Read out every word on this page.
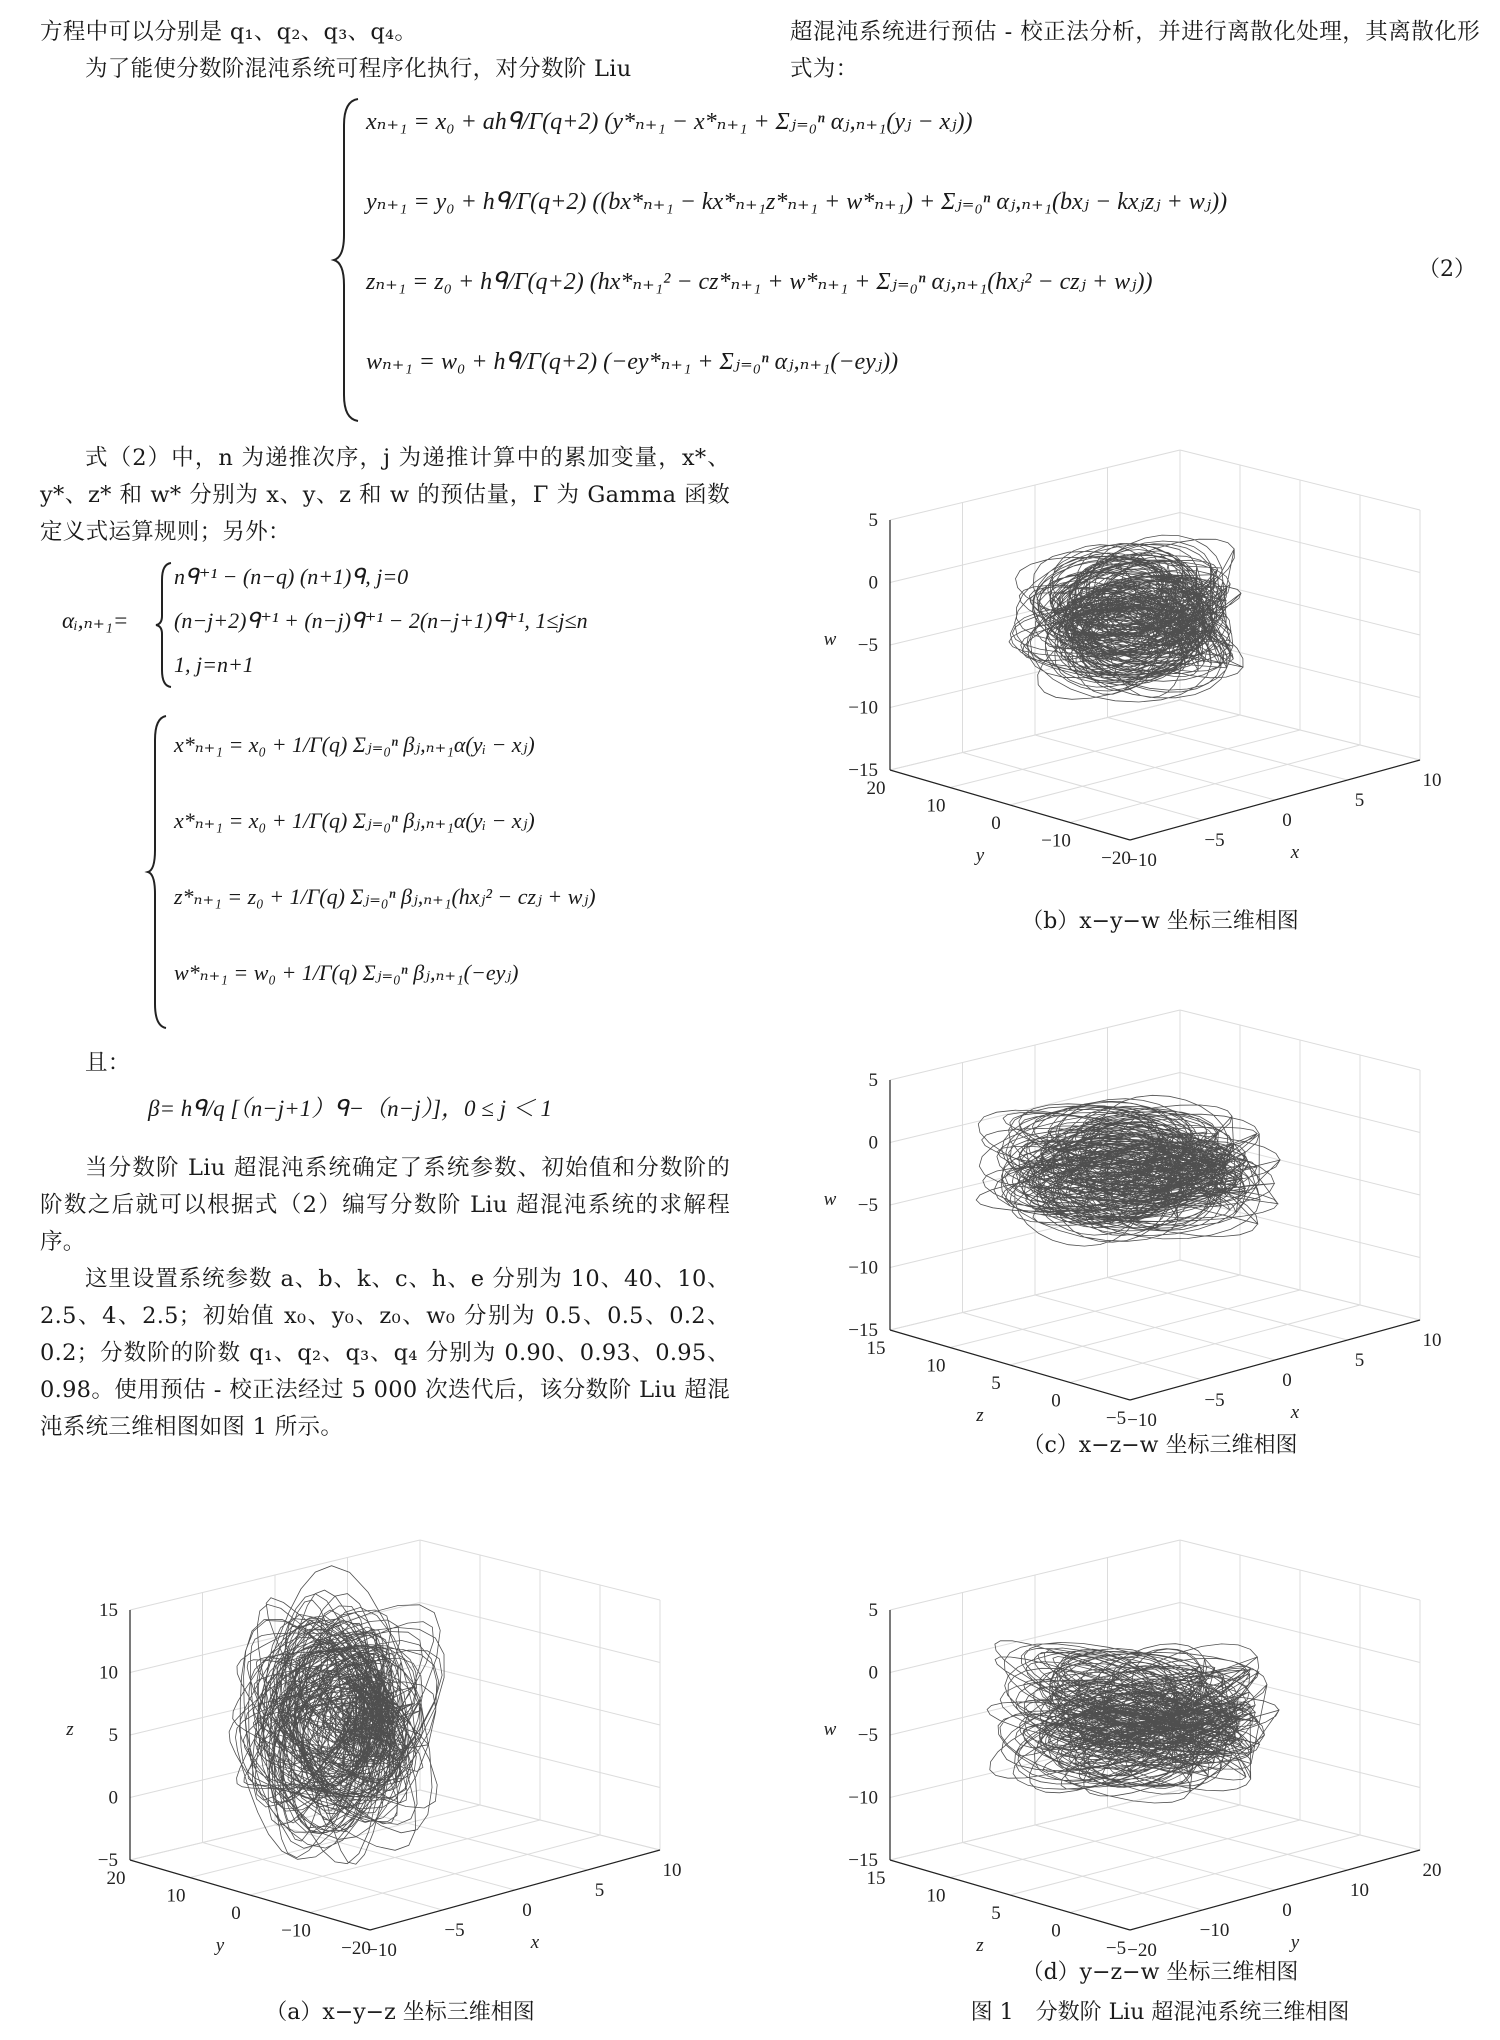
方程中可以分别是 q₁、q₂、q₃、q₄。

为了能使分数阶混沌系统可程序化执行，对分数阶 Liu

超混沌系统进行预估 - 校正法分析，并进行离散化处理，其离散化形式为：

xₙ₊₁ = x₀ + ahᑫ/Γ(q+2) (y*ₙ₊₁ − x*ₙ₊₁ + Σⱼ₌₀ⁿ αⱼ,ₙ₊₁(yⱼ − xⱼ))
yₙ₊₁ = y₀ + hᑫ/Γ(q+2) ((bx*ₙ₊₁ − kx*ₙ₊₁z*ₙ₊₁ + w*ₙ₊₁) + Σⱼ₌₀ⁿ αⱼ,ₙ₊₁(bxⱼ − kxⱼzⱼ + wⱼ))
zₙ₊₁ = z₀ + hᑫ/Γ(q+2) (hx*ₙ₊₁² − cz*ₙ₊₁ + w*ₙ₊₁ + Σⱼ₌₀ⁿ αⱼ,ₙ₊₁(hxⱼ² − czⱼ + wⱼ))
wₙ₊₁ = w₀ + hᑫ/Γ(q+2) (−ey*ₙ₊₁ + Σⱼ₌₀ⁿ αⱼ,ₙ₊₁(−eyⱼ))
（2）

式（2）中，n 为递推次序，j 为递推计算中的累加变量，x*、y*、z* 和 w* 分别为 x、y、z 和 w 的预估量，Γ 为 Gamma 函数定义式运算规则；另外：

αᵢ,ₙ₊₁=
nᑫ⁺¹ − (n−q) (n+1)ᑫ, j=0
(n−j+2)ᑫ⁺¹ + (n−j)ᑫ⁺¹ − 2(n−j+1)ᑫ⁺¹, 1≤j≤n
1, j=n+1
x*ₙ₊₁ = x₀ + 1/Γ(q) Σⱼ₌₀ⁿ βⱼ,ₙ₊₁α(yᵢ − xⱼ)
x*ₙ₊₁ = x₀ + 1/Γ(q) Σⱼ₌₀ⁿ βⱼ,ₙ₊₁α(yᵢ − xⱼ)
z*ₙ₊₁ = z₀ + 1/Γ(q) Σⱼ₌₀ⁿ βⱼ,ₙ₊₁(hxⱼ² − czⱼ + wⱼ)
w*ₙ₊₁ = w₀ + 1/Γ(q) Σⱼ₌₀ⁿ βⱼ,ₙ₊₁(−eyⱼ)

且：

β= hᑫ/q [（n−j+1）ᑫ−（n−j）]，0 ≤ j ＜ 1

当分数阶 Liu 超混沌系统确定了系统参数、初始值和分数阶的阶数之后就可以根据式（2）编写分数阶 Liu 超混沌系统的求解程序。

这里设置系统参数 a、b、k、c、h、e 分别为 10、40、10、2.5、4、2.5；初始值 x₀、y₀、z₀、w₀ 分别为 0.5、0.5、0.2、0.2；分数阶的阶数 q₁、q₂、q₃、q₄ 分别为 0.90、0.93、0.95、0.98。使用预估 - 校正法经过 5 000 次迭代后，该分数阶 Liu 超混沌系统三维相图如图 1 所示。

15
10
5
0
−5
z
20
10
0
−10
−20
y	−10
−5
0
5
10
x
5
0
−5
−10
−15
w
20
10
0
−10
−20
y	−10
−5
0
5
10
x
5
0
−5
−10
−15
w
15
10
5
0
−5
z	−10
−5
0
5
10
x
5
0
−5
−10
−15
w
15
10
5
0
−5
z	−20
−10
0
10
20
y
（a）x−y−z 坐标三维相图
（b）x−y−w 坐标三维相图
（c）x−z−w 坐标三维相图
（d）y−z−w 坐标三维相图
图 1　分数阶 Liu 超混沌系统三维相图
